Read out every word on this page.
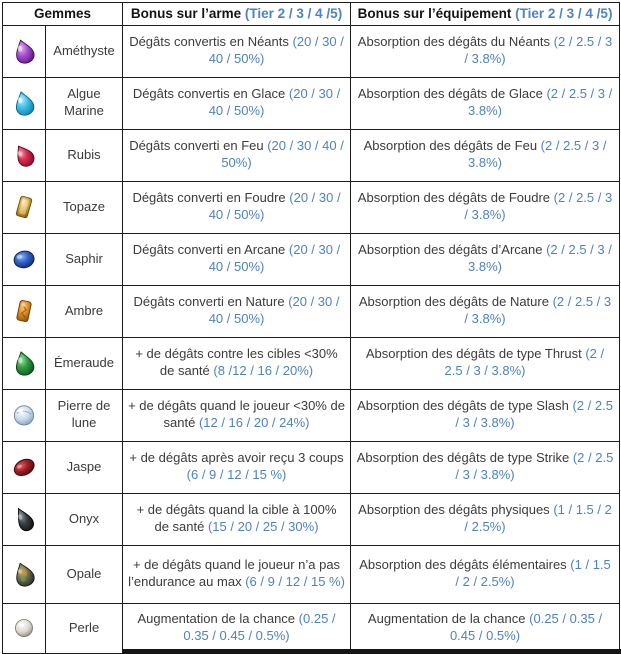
Gemmes		Bonus sur l’arme (Tier 2 / 3 / 4 /5)	Bonus sur l’équipement (Tier 2 / 3 / 4 /5)

	Améthyste	Dégâts convertis en Néants (20 / 30 / 40 / 50%)	Absorption des dégâts du Néants (2 / 2.5 / 3 / 3.8%)

	Algue Marine	Dégâts convertis en Glace (20 / 30 / 40 / 50%)	Absorption des dégâts de Glace (2 / 2.5 / 3 / 3.8%)

	Rubis	Dégâts converti en Feu (20 / 30 / 40 / 50%)	Absorption des dégâts de Feu (2 / 2.5 / 3 / 3.8%)

	Topaze	Dégâts converti en Foudre (20 / 30 / 40 / 50%)	Absorption des dégâts de Foudre (2 / 2.5 / 3 / 3.8%)

	Saphir	Dégâts converti en Arcane (20 / 30 / 40 / 50%)	Absorption des dégâts d’Arcane (2 / 2.5 / 3 / 3.8%)

	Ambre	Dégâts converti en Nature (20 / 30 / 40 / 50%)	Absorption des dégâts de Nature (2 / 2.5 / 3 / 3.8%)

	Émeraude	+ de dégâts contre les cibles <30% de santé (8 /12 / 16 / 20%)	Absorption des dégâts de type Thrust (2 / 2.5 / 3 / 3.8%)

	Pierre de lune	+ de dégâts quand le joueur <30% de santé (12 / 16 / 20 / 24%)	Absorption des dégâts de type Slash (2 / 2.5 / 3 / 3.8%)

	Jaspe	+ de dégâts après avoir reçu 3 coups (6 / 9 / 12 / 15 %)	Absorption des dégâts de type Strike (2 / 2.5 / 3 / 3.8%)

	Onyx	+ de dégâts quand la cible à 100% de santé (15 / 20 / 25 / 30%)	Absorption des dégâts physiques (1 / 1.5 / 2 / 2.5%)

	Opale	+ de dégâts quand le joueur n’a pas l’endurance au max (6 / 9 / 12 / 15 %)	Absorption des dégâts élémentaires (1 / 1.5 / 2 / 2.5%)

	Perle	Augmentation de la chance (0.25 / 0.35 / 0.45 / 0.5%)	Augmentation de la chance (0.25 / 0.35 / 0.45 / 0.5%)
